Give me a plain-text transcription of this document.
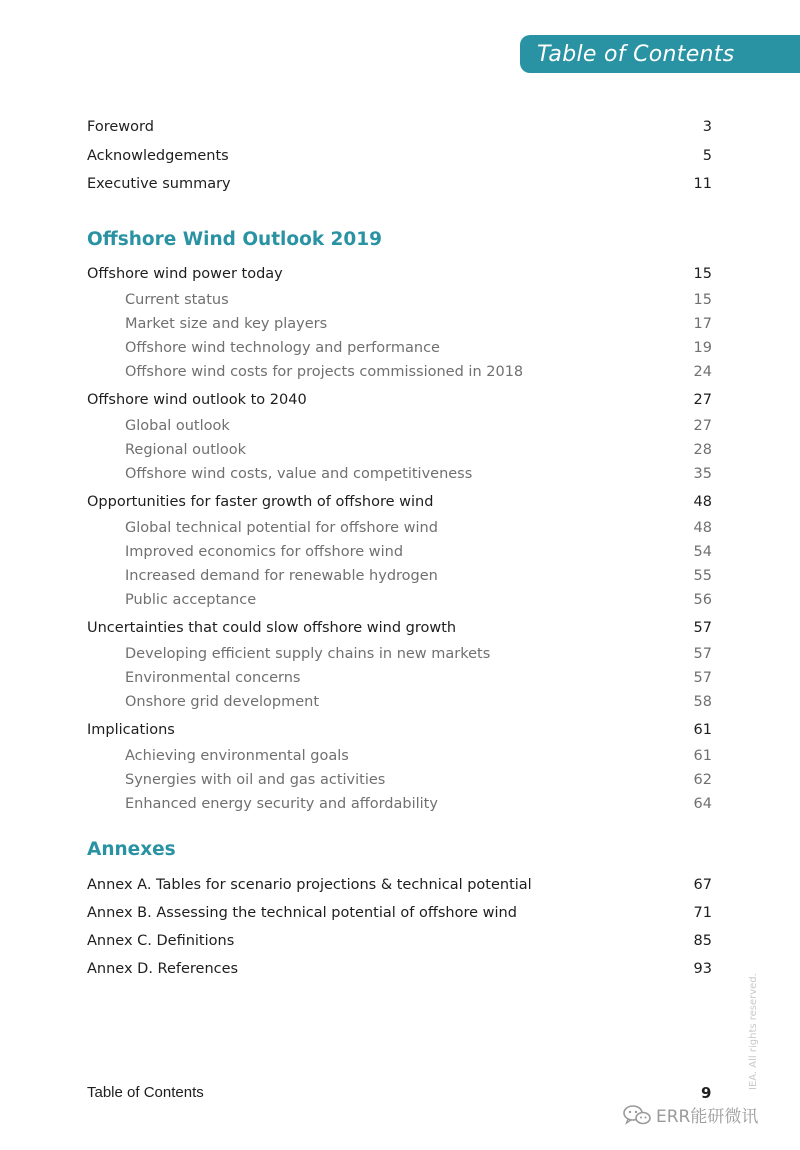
Table of Contents
Foreword	3
Acknowledgements	5
Executive summary	11
Offshore Wind Outlook 2019
Offshore wind power today	15
Current status	15
Market size and key players	17
Offshore wind technology and performance	19
Offshore wind costs for projects commissioned in 2018	24
Offshore wind outlook to 2040	27
Global outlook	27
Regional outlook	28
Offshore wind costs, value and competitiveness	35
Opportunities for faster growth of offshore wind	48
Global technical potential for offshore wind	48
Improved economics for offshore wind	54
Increased demand for renewable hydrogen	55
Public acceptance	56
Uncertainties that could slow offshore wind growth	57
Developing efficient supply chains in new markets	57
Environmental concerns	57
Onshore grid development	58
Implications	61
Achieving environmental goals	61
Synergies with oil and gas activities	62
Enhanced energy security and affordability	64
Annexes
Annex A. Tables for scenario projections & technical potential	67
Annex B. Assessing the technical potential of offshore wind	71
Annex C. Definitions	85
Annex D. References	93
IEA. All rights reserved.
Table of Contents	9
ERR能研微讯
